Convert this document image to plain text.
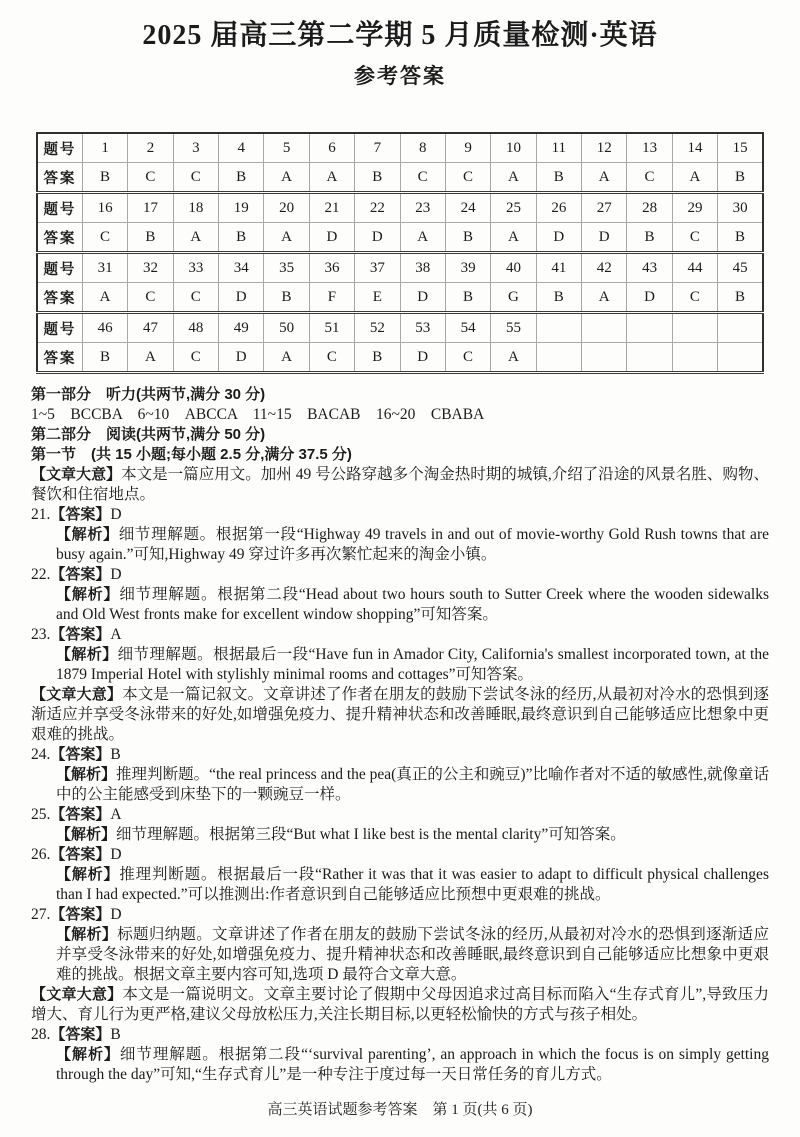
2025 届高三第二学期 5 月质量检测·英语
参考答案
题号	1	2	3	4	5	6	7	8	9	10	11	12	13	14	15
答案	B	C	C	B	A	A	B	C	C	A	B	A	C	A	B
题号	16	17	18	19	20	21	22	23	24	25	26	27	28	29	30
答案	C	B	A	B	A	D	D	A	B	A	D	D	B	C	B
题号	31	32	33	34	35	36	37	38	39	40	41	42	43	44	45
答案	A	C	C	D	B	F	E	D	B	G	B	A	D	C	B
题号	46	47	48	49	50	51	52	53	54	55					
答案	B	A	C	D	A	C	B	D	C	A					
第一部分　听力(共两节,满分 30 分)
1~5　BCCBA　6~10　ABCCA　11~15　BACAB　16~20　CBABA
第二部分　阅读(共两节,满分 50 分)
第一节　(共 15 小题;每小题 2.5 分,满分 37.5 分)
【文章大意】本文是一篇应用文。加州 49 号公路穿越多个淘金热时期的城镇,介绍了沿途的风景名胜、购物、餐饮和住宿地点。
21.【答案】D
【解析】细节理解题。根据第一段“Highway 49 travels in and out of movie-worthy Gold Rush towns that are busy again.”可知,Highway 49 穿过许多再次繁忙起来的淘金小镇。
22.【答案】D
【解析】细节理解题。根据第二段“Head about two hours south to Sutter Creek where the wooden sidewalks and Old West fronts make for excellent window shopping”可知答案。
23.【答案】A
【解析】细节理解题。根据最后一段“Have fun in Amador City, California's smallest incorporated town, at the 1879 Imperial Hotel with stylishly minimal rooms and cottages”可知答案。
【文章大意】本文是一篇记叙文。文章讲述了作者在朋友的鼓励下尝试冬泳的经历,从最初对冷水的恐惧到逐渐适应并享受冬泳带来的好处,如增强免疫力、提升精神状态和改善睡眠,最终意识到自己能够适应比想象中更艰难的挑战。
24.【答案】B
【解析】推理判断题。“the real princess and the pea(真正的公主和豌豆)”比喻作者对不适的敏感性,就像童话中的公主能感受到床垫下的一颗豌豆一样。
25.【答案】A
【解析】细节理解题。根据第三段“But what I like best is the mental clarity”可知答案。
26.【答案】D
【解析】推理判断题。根据最后一段“Rather it was that it was easier to adapt to difficult physical challenges than I had expected.”可以推测出:作者意识到自己能够适应比预想中更艰难的挑战。
27.【答案】D
【解析】标题归纳题。文章讲述了作者在朋友的鼓励下尝试冬泳的经历,从最初对冷水的恐惧到逐渐适应并享受冬泳带来的好处,如增强免疫力、提升精神状态和改善睡眠,最终意识到自己能够适应比想象中更艰难的挑战。根据文章主要内容可知,选项 D 最符合文章大意。
【文章大意】本文是一篇说明文。文章主要讨论了假期中父母因追求过高目标而陷入“生存式育儿”,导致压力增大、育儿行为更严格,建议父母放松压力,关注长期目标,以更轻松愉快的方式与孩子相处。
28.【答案】B
【解析】细节理解题。根据第二段“‘survival parenting’, an approach in which the focus is on simply getting through the day”可知,“生存式育儿”是一种专注于度过每一天日常任务的育儿方式。
高三英语试题参考答案　第 1 页(共 6 页)
